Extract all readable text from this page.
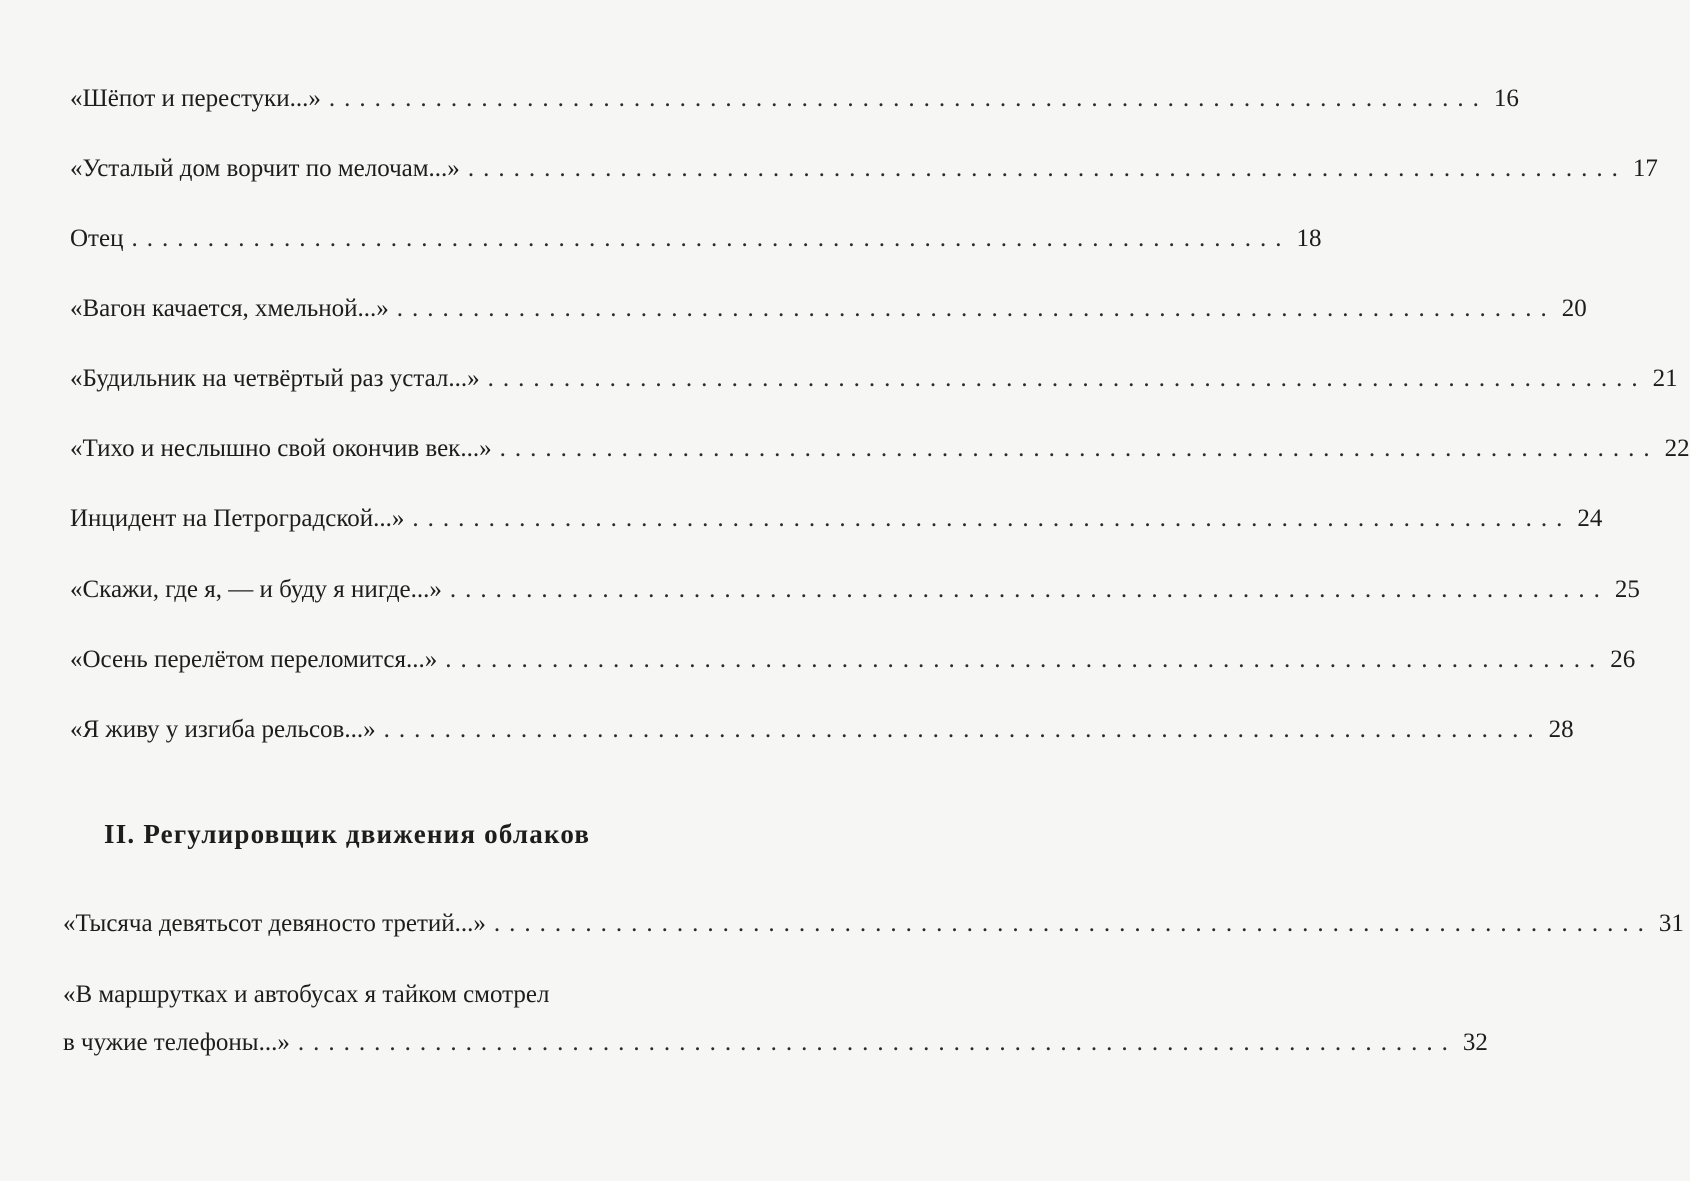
«Шёпот и перестуки...» ............................................................................ 16
«Усталый дом ворчит по мелочам...» ............................................................................ 17
Отец ............................................................................ 18
«Вагон качается, хмельной...» ............................................................................ 20
«Будильник на четвёртый раз устал...» ............................................................................ 21
«Тихо и неслышно свой окончив век...» ............................................................................ 22
Инцидент на Петроградской...» ............................................................................ 24
«Скажи, где я, — и буду я нигде...» ............................................................................ 25
«Осень перелётом переломится...» ............................................................................ 26
«Я живу у изгиба рельсов...» ............................................................................ 28
II. Регулировщик движения облаков
«Тысяча девятьсот девяносто третий...» ............................................................................ 31
«В маршрутках и автобусах я тайком смотрел
в чужие телефоны...» ............................................................................ 32
